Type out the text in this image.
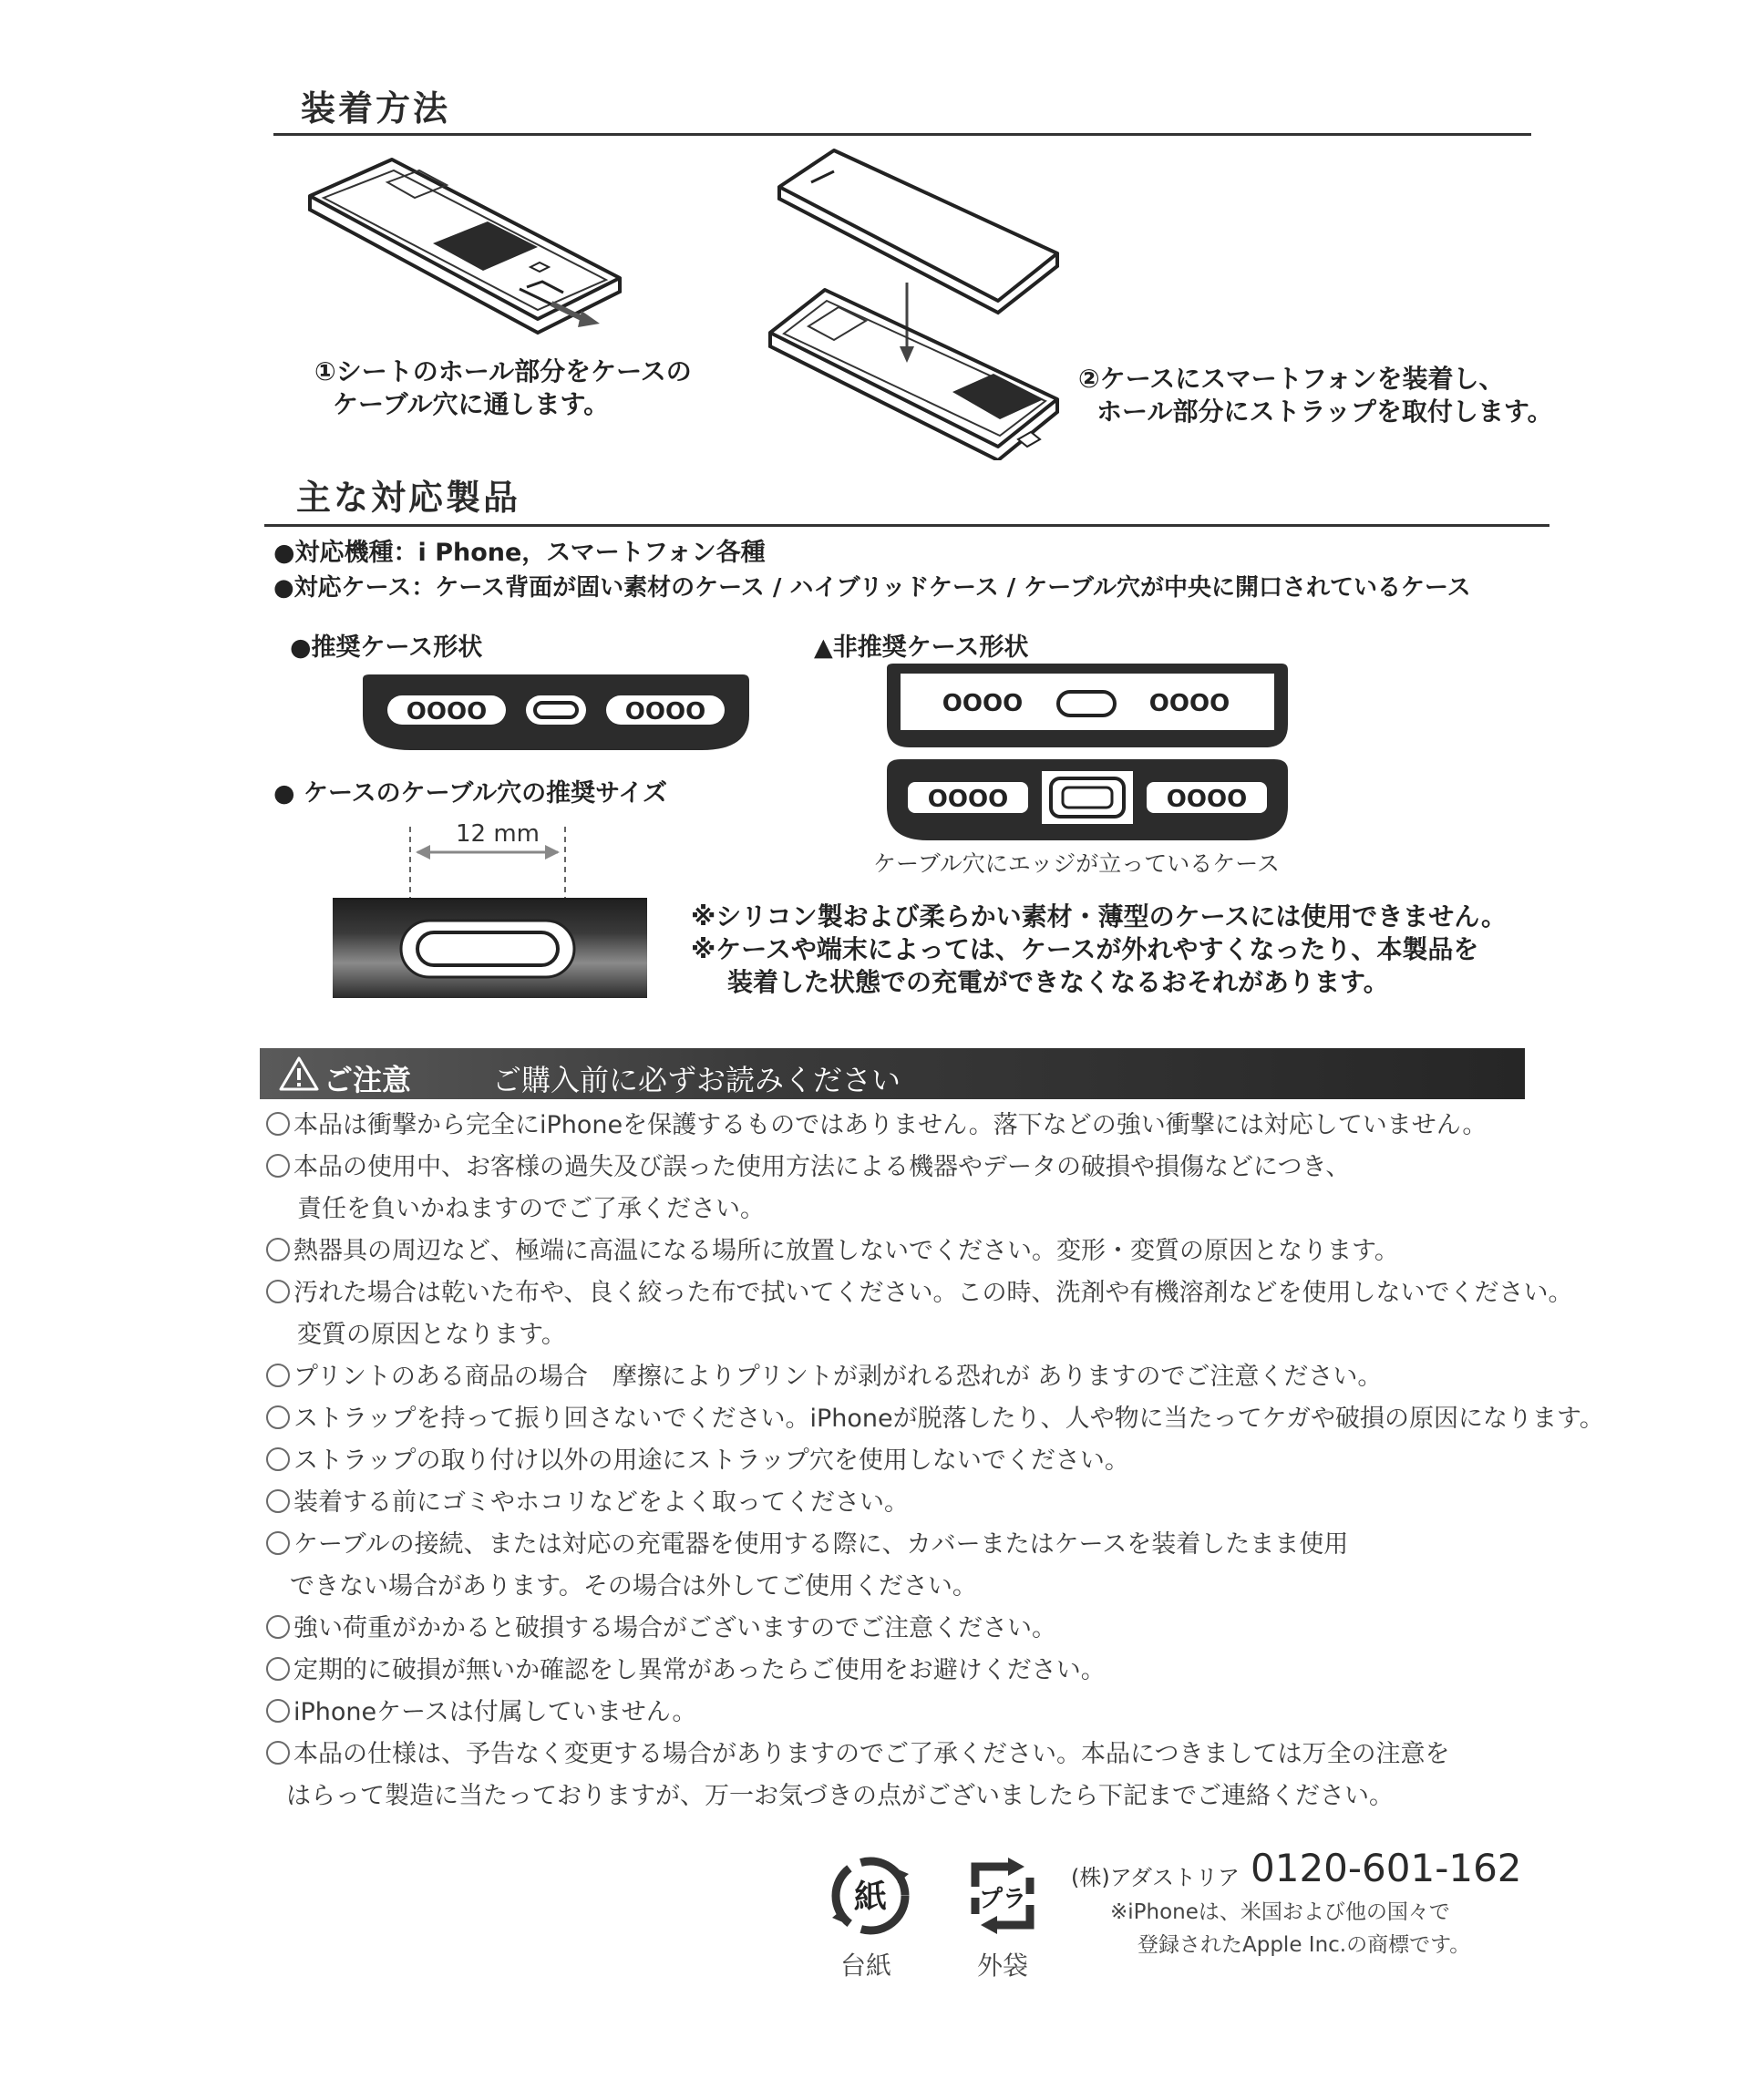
装着方法
①シートのホール部分をケースの
ケーブル穴に通します。
②ケースにスマートフォンを装着し、
ホール部分にストラップを取付します。
主な対応製品
●対応機種：i Phone，スマートフォン各種
●対応ケース：ケース背面が固い素材のケース / ハイブリッドケース / ケーブル穴が中央に開口されているケース
●推奨ケース形状	▲非推奨ケース形状
OOOO	OOOO	OOOO	OOOO
OOOO	OOOO
ケーブル穴にエッジが立っているケース
● ケースのケーブル穴の推奨サイズ
12 mm
※シリコン製および柔らかい素材・薄型のケースには使用できません。
※ケースや端末によっては、ケースが外れやすくなったり、本製品を
装着した状態での充電ができなくなるおそれがあります。
ご注意	ご購入前に必ずお読みください
本品は衝撃から完全にiPhoneを保護するものではありません。落下などの強い衝撃には対応していません。
本品の使用中、お客様の過失及び誤った使用方法による機器やデータの破損や損傷などにつき、
責任を負いかねますのでご了承ください。
熱器具の周辺など、極端に高温になる場所に放置しないでください。変形・変質の原因となります。
汚れた場合は乾いた布や、良く絞った布で拭いてください。この時、洗剤や有機溶剤などを使用しないでください。
変質の原因となります。
プリントのある商品の場合　摩擦によりプリントが剥がれる恐れが ありますのでご注意ください。
ストラップを持って振り回さないでください。iPhoneが脱落したり、人や物に当たってケガや破損の原因になります。
ストラップの取り付け以外の用途にストラップ穴を使用しないでください。
装着する前にゴミやホコリなどをよく取ってください。
ケーブルの接続、または対応の充電器を使用する際に、カバーまたはケースを装着したまま使用
できない場合があります。その場合は外してご使用ください。
強い荷重がかかると破損する場合がございますのでご注意ください。
定期的に破損が無いか確認をし異常があったらご使用をお避けください。
iPhoneケースは付属していません。
本品の仕様は、予告なく変更する場合がありますのでご了承ください。本品につきましては万全の注意を
はらって製造に当たっておりますが、万一お気づきの点がございましたら下記までご連絡ください。
紙
台紙
プラ
外袋
(株)アダストリア 0120-601-162
※iPhoneは、米国および他の国々で
登録されたApple Inc.の商標です。
